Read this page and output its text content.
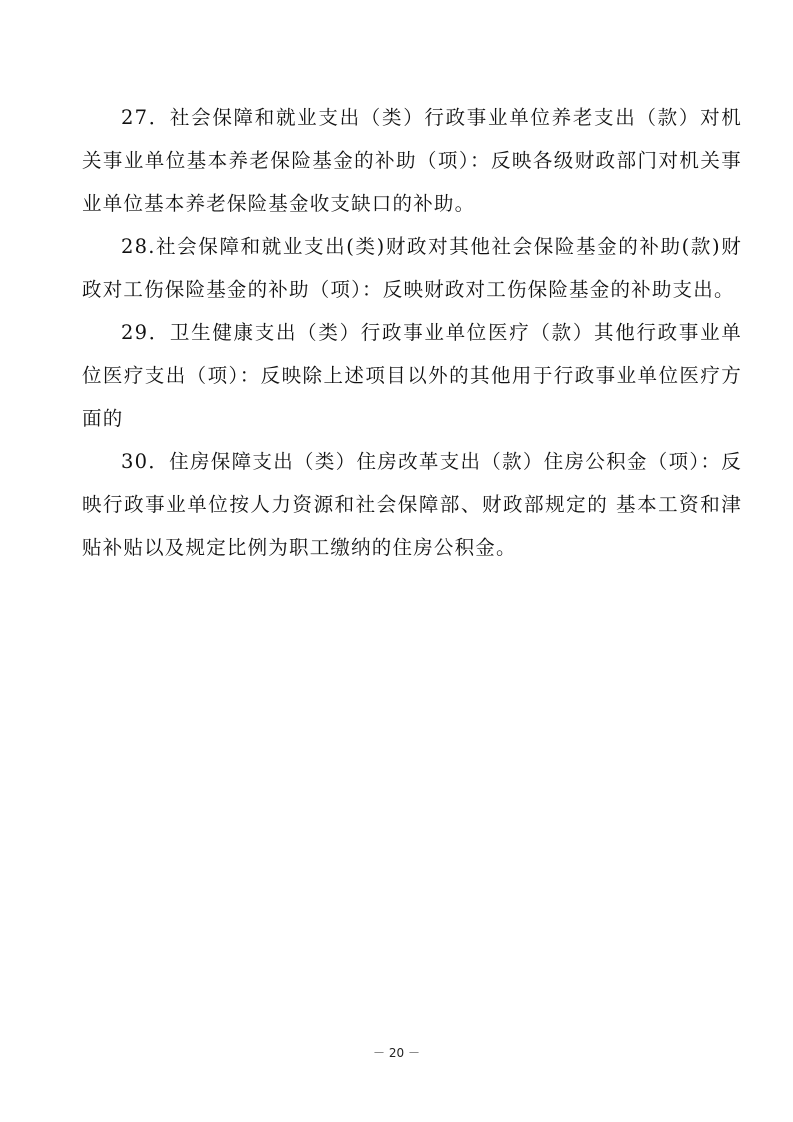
27．社会保障和就业支出（类）行政事业单位养老支出（款）对机关事业单位基本养老保险基金的补助（项）：反映各级财政部门对机关事业单位基本养老保险基金收支缺口的补助。

28.社会保障和就业支出(类)财政对其他社会保险基金的补助(款)财政对工伤保险基金的补助（项）：反映财政对工伤保险基金的补助支出。

29．卫生健康支出（类）行政事业单位医疗（款）其他行政事业单位医疗支出（项）：反映除上述项目以外的其他用于行政事业单位医疗方面的

30．住房保障支出（类）住房改革支出（款）住房公积金（项）：反映行政事业单位按人力资源和社会保障部、财政部规定的 基本工资和津贴补贴以及规定比例为职工缴纳的住房公积金。

－ 20 －
